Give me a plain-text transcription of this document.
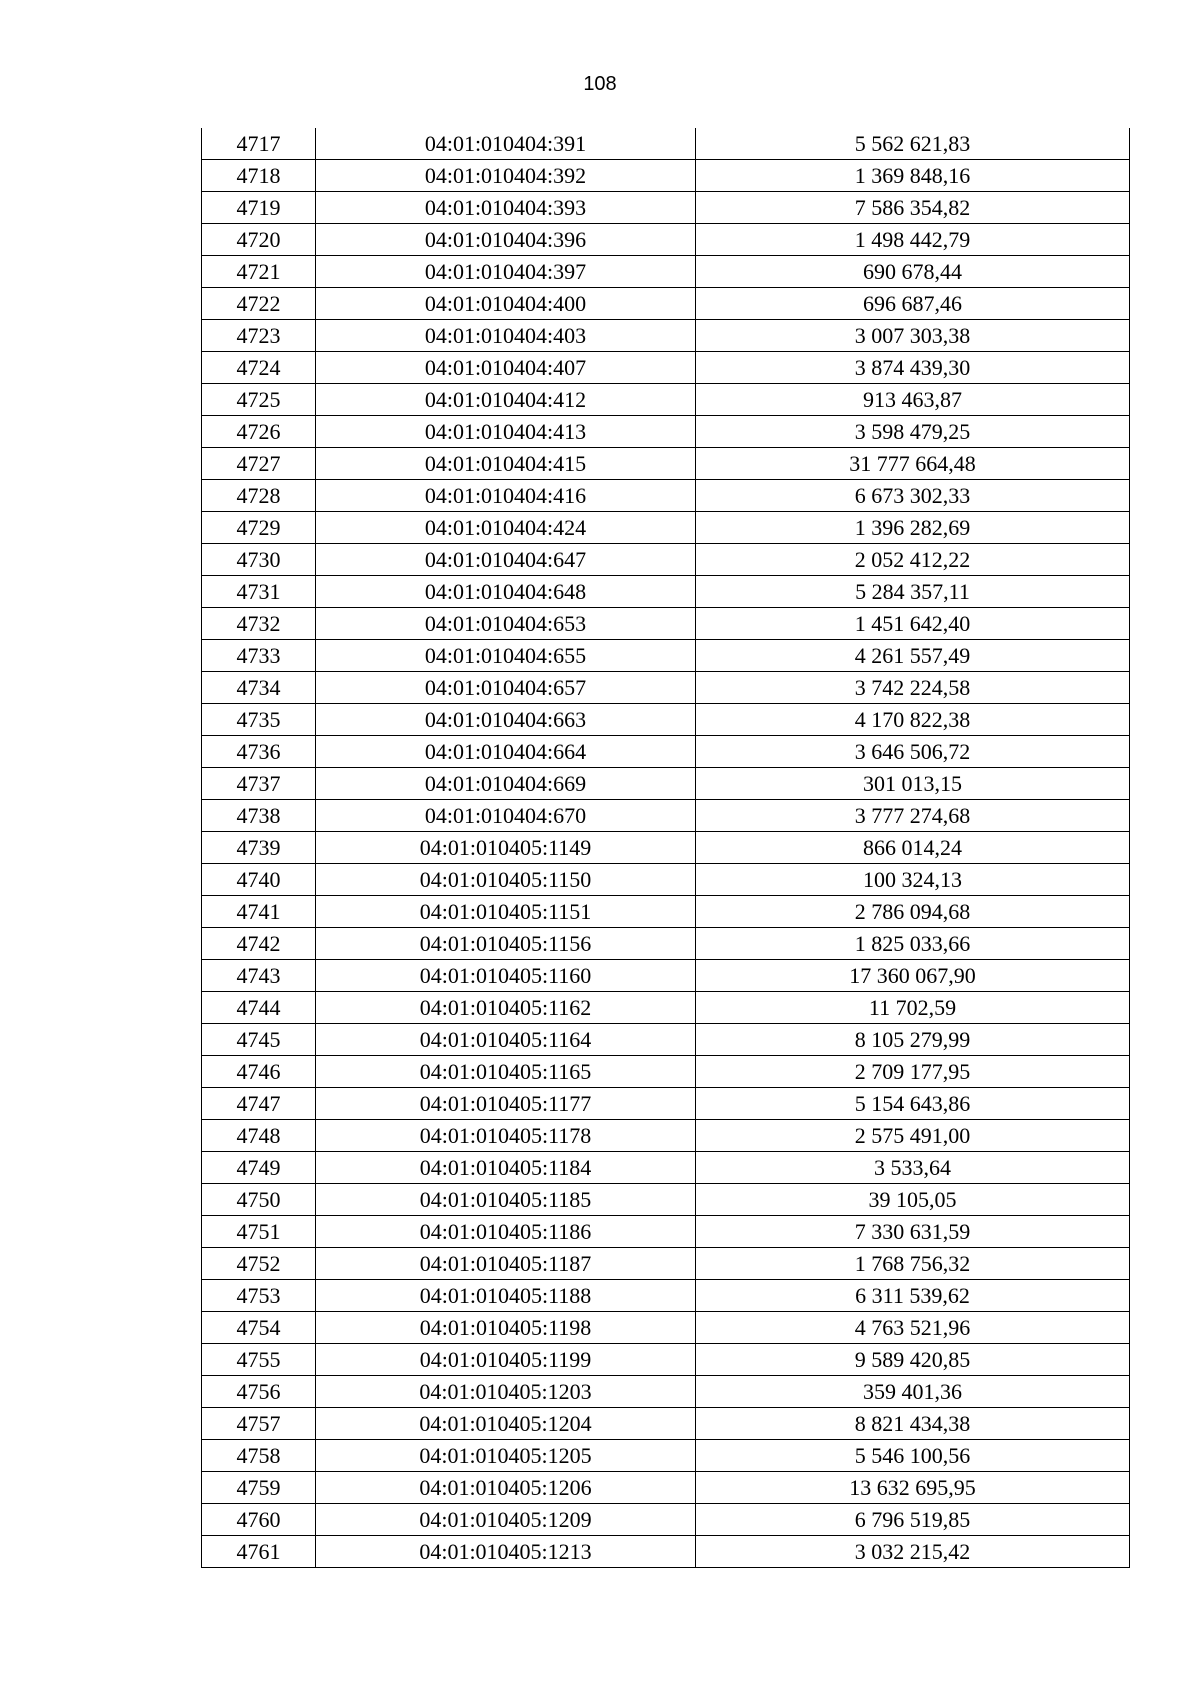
108
4717	04:01:010404:391	5 562 621,83
4718	04:01:010404:392	1 369 848,16
4719	04:01:010404:393	7 586 354,82
4720	04:01:010404:396	1 498 442,79
4721	04:01:010404:397	690 678,44
4722	04:01:010404:400	696 687,46
4723	04:01:010404:403	3 007 303,38
4724	04:01:010404:407	3 874 439,30
4725	04:01:010404:412	913 463,87
4726	04:01:010404:413	3 598 479,25
4727	04:01:010404:415	31 777 664,48
4728	04:01:010404:416	6 673 302,33
4729	04:01:010404:424	1 396 282,69
4730	04:01:010404:647	2 052 412,22
4731	04:01:010404:648	5 284 357,11
4732	04:01:010404:653	1 451 642,40
4733	04:01:010404:655	4 261 557,49
4734	04:01:010404:657	3 742 224,58
4735	04:01:010404:663	4 170 822,38
4736	04:01:010404:664	3 646 506,72
4737	04:01:010404:669	301 013,15
4738	04:01:010404:670	3 777 274,68
4739	04:01:010405:1149	866 014,24
4740	04:01:010405:1150	100 324,13
4741	04:01:010405:1151	2 786 094,68
4742	04:01:010405:1156	1 825 033,66
4743	04:01:010405:1160	17 360 067,90
4744	04:01:010405:1162	11 702,59
4745	04:01:010405:1164	8 105 279,99
4746	04:01:010405:1165	2 709 177,95
4747	04:01:010405:1177	5 154 643,86
4748	04:01:010405:1178	2 575 491,00
4749	04:01:010405:1184	3 533,64
4750	04:01:010405:1185	39 105,05
4751	04:01:010405:1186	7 330 631,59
4752	04:01:010405:1187	1 768 756,32
4753	04:01:010405:1188	6 311 539,62
4754	04:01:010405:1198	4 763 521,96
4755	04:01:010405:1199	9 589 420,85
4756	04:01:010405:1203	359 401,36
4757	04:01:010405:1204	8 821 434,38
4758	04:01:010405:1205	5 546 100,56
4759	04:01:010405:1206	13 632 695,95
4760	04:01:010405:1209	6 796 519,85
4761	04:01:010405:1213	3 032 215,42
